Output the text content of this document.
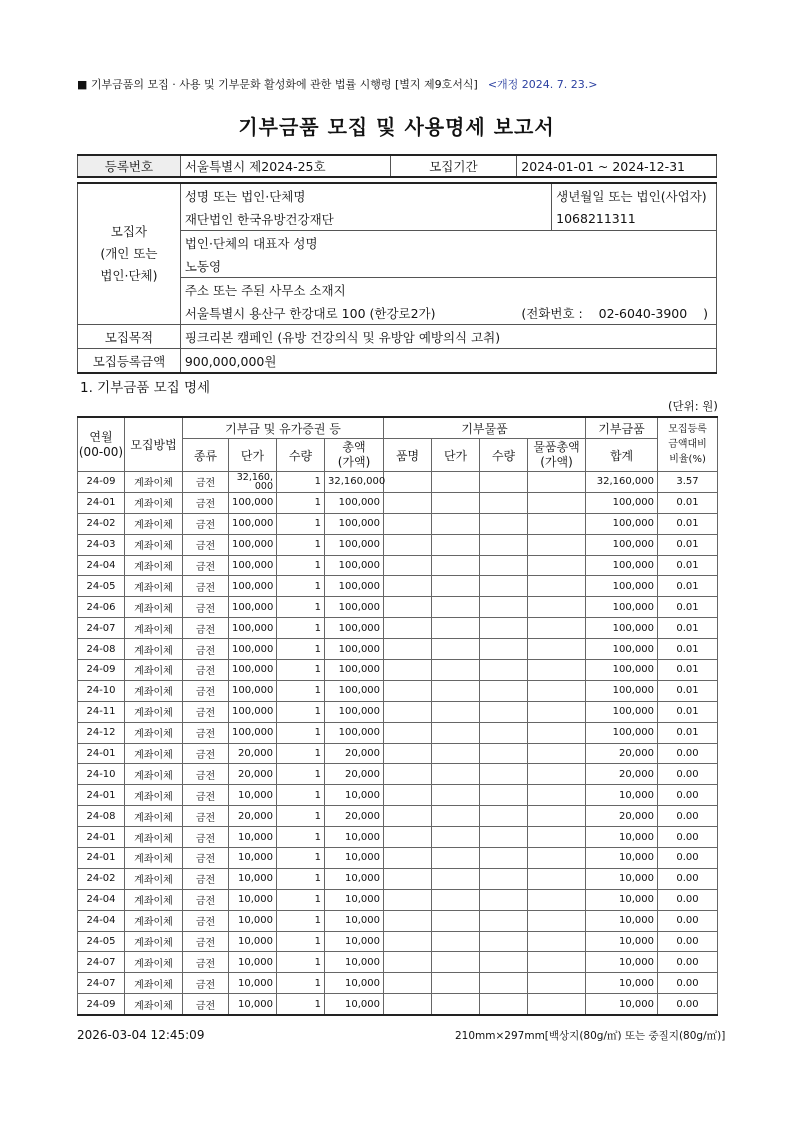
■ 기부금품의 모집 · 사용 및 기부문화 활성화에 관한 법률 시행령 [별지 제9호서식] <개정 2024. 7. 23.>
기부금품 모집 및 사용명세 보고서
등록번호	서울특별시 제2024-25호	모집기간	2024-01-01 ~ 2024-12-31
모집자
(개인 또는
법인·단체)	성명 또는 법인·단체명	생년월일 또는 법인(사업자)
	재단법인 한국유방건강재단	1068211311
	법인·단체의 대표자 성명	
	노동영	
	주소 또는 주된 사무소 소재지	
	서울특별시 용산구 한강대로 100 (한강로2가) (전화번호 : 02-6040-3900 )	

모집목적	핑크리본 캠페인 (유방 건강의식 및 유방암 예방의식 고취)	
모집등록금액	900,000,000원	
1. 기부금품 모집 명세
(단위: 원)
연월
(00-00)	모집방법	기부금 및 유가증권 등				기부물품				기부금품	모집등록
금액대비
비율(%)
		종류	단가	수량	총액
(가액)	품명	단가	수량	물품총액
(가액)	합계	
24-09	계좌이체	금전	32,160,000	1	32,160,000					32,160,000	3.57
24-01	계좌이체	금전	100,000	1	100,000					100,000	0.01
24-02	계좌이체	금전	100,000	1	100,000					100,000	0.01
24-03	계좌이체	금전	100,000	1	100,000					100,000	0.01
24-04	계좌이체	금전	100,000	1	100,000					100,000	0.01
24-05	계좌이체	금전	100,000	1	100,000					100,000	0.01
24-06	계좌이체	금전	100,000	1	100,000					100,000	0.01
24-07	계좌이체	금전	100,000	1	100,000					100,000	0.01
24-08	계좌이체	금전	100,000	1	100,000					100,000	0.01
24-09	계좌이체	금전	100,000	1	100,000					100,000	0.01
24-10	계좌이체	금전	100,000	1	100,000					100,000	0.01
24-11	계좌이체	금전	100,000	1	100,000					100,000	0.01
24-12	계좌이체	금전	100,000	1	100,000					100,000	0.01
24-01	계좌이체	금전	20,000	1	20,000					20,000	0.00
24-10	계좌이체	금전	20,000	1	20,000					20,000	0.00
24-01	계좌이체	금전	10,000	1	10,000					10,000	0.00
24-08	계좌이체	금전	20,000	1	20,000					20,000	0.00
24-01	계좌이체	금전	10,000	1	10,000					10,000	0.00
24-01	계좌이체	금전	10,000	1	10,000					10,000	0.00
24-02	계좌이체	금전	10,000	1	10,000					10,000	0.00
24-04	계좌이체	금전	10,000	1	10,000					10,000	0.00
24-04	계좌이체	금전	10,000	1	10,000					10,000	0.00
24-05	계좌이체	금전	10,000	1	10,000					10,000	0.00
24-07	계좌이체	금전	10,000	1	10,000					10,000	0.00
24-07	계좌이체	금전	10,000	1	10,000					10,000	0.00
24-09	계좌이체	금전	10,000	1	10,000					10,000	0.00
2026-03-04 12:45:09	210mm×297mm[백상지(80g/㎡) 또는 중질지(80g/㎡)]
